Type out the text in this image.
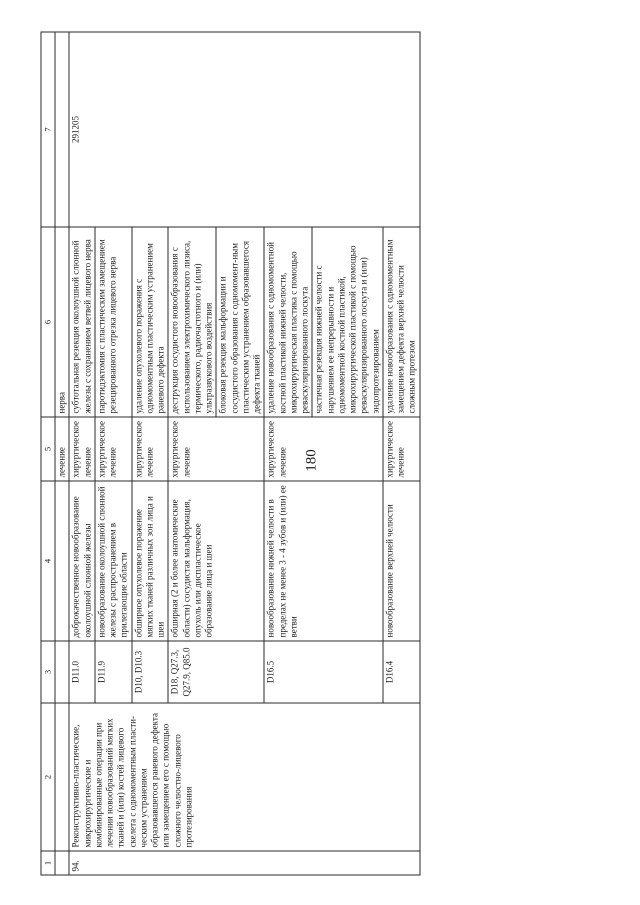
180
1	2	3	4	5	6	7
				лечение	нерва	
94.	Реконструктивно-пластические, микрохирургические и комбинированные операции при лечении новообразований мягких тканей и (или) костей лицевого скелета с одномоментным пласти-ческим устранением образовавшегося раневого дефекта или замещением его с помощью сложного челюстно-лицевого протезирования	D11.0	доброкачественное новообразование околоушной слюнной железы	хирургическое лечение	субтотальная резекция околоушной слюнной железы с сохранением ветвей лицевого нерва	291205
		D11.9	новообразование околоушной слюнной железы с распространением в прилегающие области	хирургическое лечение	паротидэктомия с пластическим замещением резецированного отрезка лицевого нерва	
		D10, D10.3	обширное опухолевое поражение мягких тканей различных зон лица и шеи	хирургическое лечение	удаление опухолевого поражения с одномоментным пластическим устранением раневого дефекта	
		D18, Q27.3, Q27.9, Q85.0	обширная (2 и более анатомические области) сосудистая мальформация, опухоль или диспластическое образование лица и шеи	хирургическое лечение	деструкция сосудистого новообразования с использованием электрохимического лизиса, термического, радиочастотного и (или) ультразвукового воздействия	
					блоковая резекция мальформации и сосудистого образования с одномомент-ным пластическим устранением образовавшегося дефекта тканей	
		D16.5	новообразование нижней челюсти в пределах не менее 3 - 4 зубов и (или) ее ветви	хирургическое лечение	удаление новообразования с одномоментной костной пластикой нижней челюсти, микрохирургическая пластика с помощью реваскуляризированного лоскута	
					частичная резекция нижней челюсти с нарушением ее непрерывности и одномоментной костной пластикой, микрохирургической пластикой с помощью реваскуляризированного лоскута и (или) эндопротезированием	
		D16.4	новообразование верхней челюсти	хирургическое лечение	удаление новообразования с одномоментным замещением дефекта верхней челюсти сложным протезом	
